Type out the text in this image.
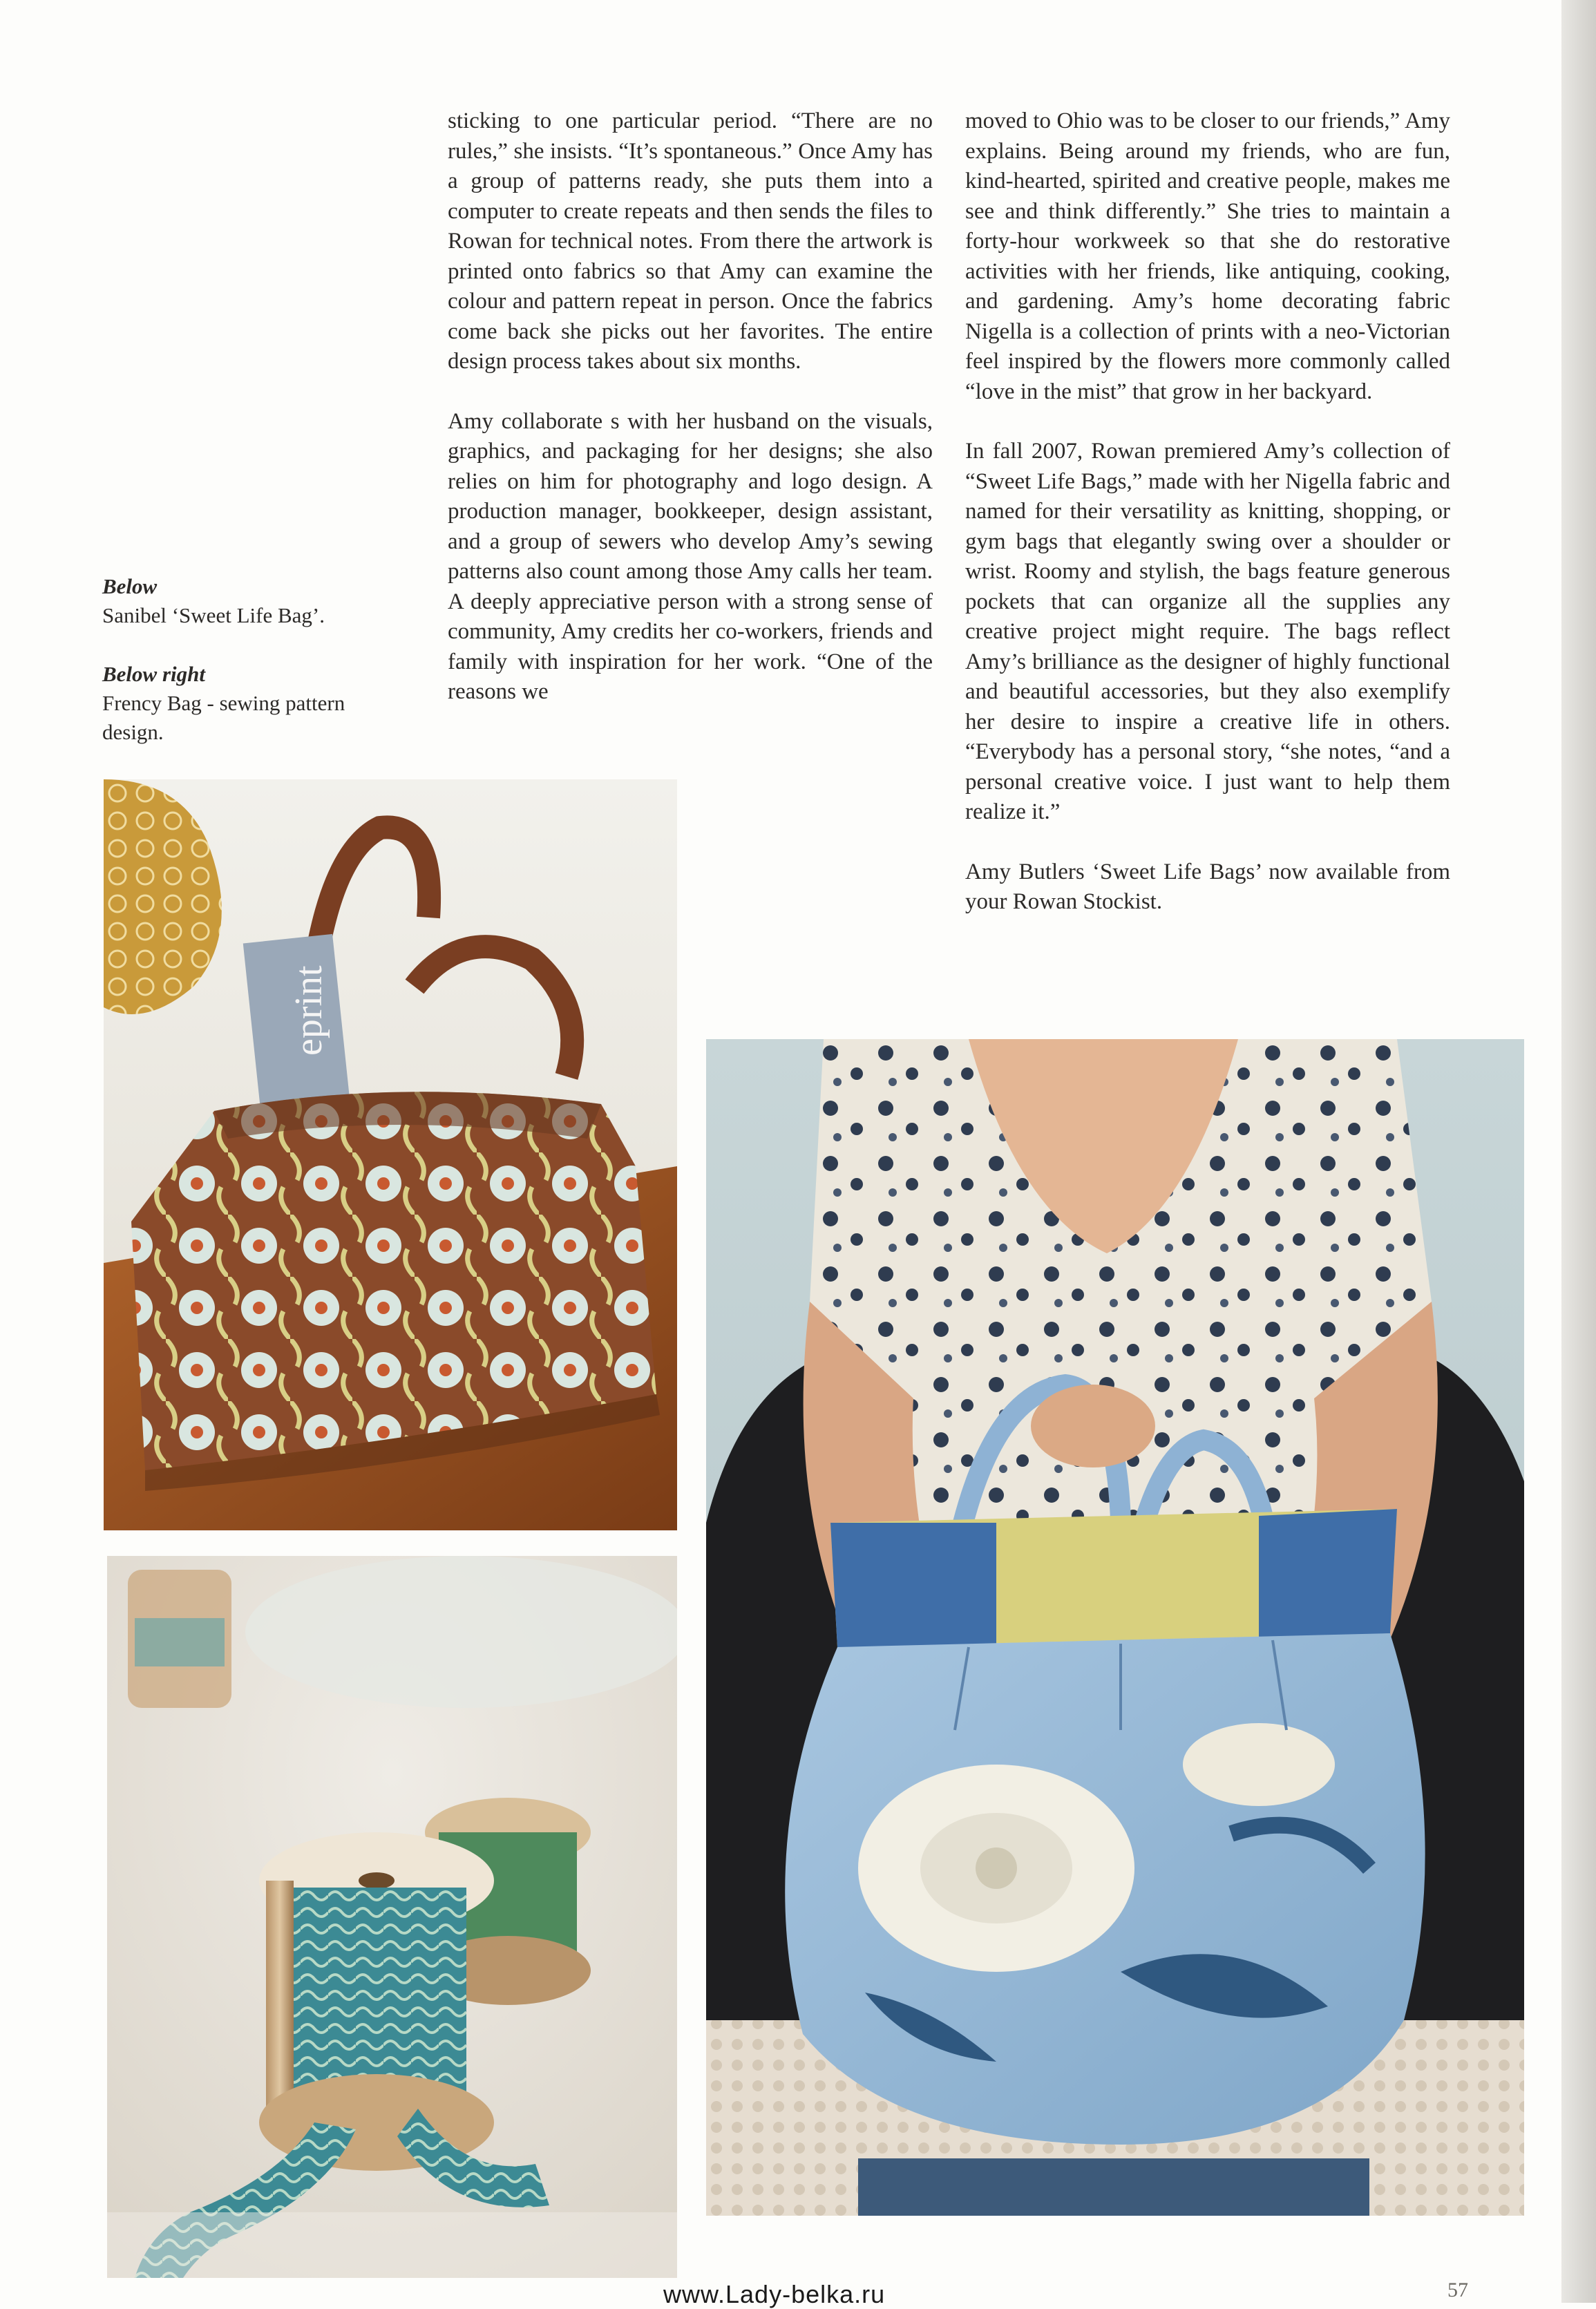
Below
Sanibel ‘Sweet Life Bag’.
Below right
Frency Bag - sewing pattern design.

sticking to one particular period. “There are no rules,” she insists. “It’s spontaneous.” Once Amy has a group of patterns ready, she puts them into a computer to create repeats and then sends the files to Rowan for technical notes. From there the artwork is printed onto fabrics so that Amy can examine the colour and pattern repeat in person. Once the fabrics come back she picks out her favorites. The entire design process takes about six months.

Amy collaborate s with her husband on the visuals, graphics, and packaging for her designs; she also relies on him for photography and logo design. A production manager, bookkeeper, design assistant, and a group of sewers who develop Amy’s sewing patterns also count among those Amy calls her team. A deeply appreciative person with a strong sense of community, Amy credits her co-workers, friends and family with inspiration for her work. “One of the reasons we

moved to Ohio was to be closer to our friends,” Amy explains. Being around my friends, who are fun, kind-hearted, spirited and creative people, makes me see and think differently.” She tries to maintain a forty-hour workweek so that she do restorative activities with her friends, like antiquing, cooking, and gardening. Amy’s home decorating fabric Nigella is a collection of prints with a neo-Victorian feel inspired by the flowers more commonly called “love in the mist” that grow in her backyard.

In fall 2007, Rowan premiered Amy’s collection of “Sweet Life Bags,” made with her Nigella fabric and named for their versatility as knitting, shopping, or gym bags that elegantly swing over a shoulder or wrist. Roomy and stylish, the bags feature generous pockets that can organize all the supplies any creative project might require. The bags reflect Amy’s brilliance as the designer of highly functional and beautiful accessories, but they also exemplify her desire to inspire a creative life in others. “Everybody has a personal story, “she notes, “and a personal creative voice. I just want to help them realize it.”

Amy Butlers ‘Sweet Life Bags’ now available from your Rowan Stockist.

eprint
www.Lady-belka.ru	57
